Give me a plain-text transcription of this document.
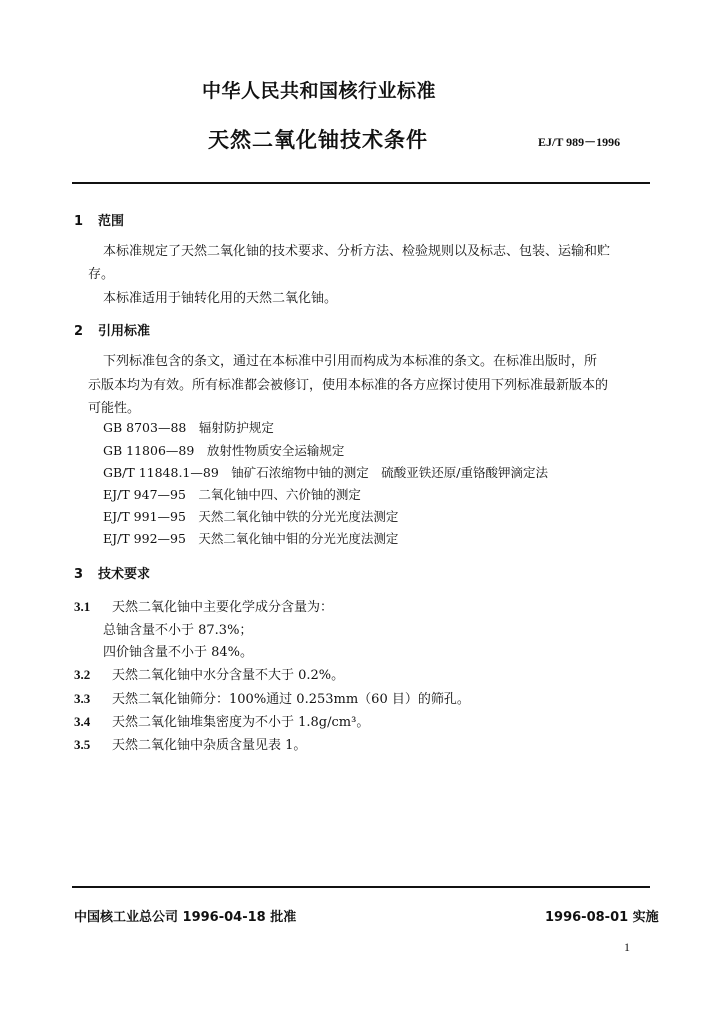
中华人民共和国核行业标准
天然二氧化铀技术条件	EJ/T 989－1996
1 范围
本标准规定了天然二氧化铀的技术要求、分析方法、检验规则以及标志、包装、运输和贮
存。
本标准适用于铀转化用的天然二氧化铀。
2 引用标准
下列标准包含的条文，通过在本标准中引用而构成为本标准的条文。在标准出版时，所
示版本均为有效。所有标准都会被修订，使用本标准的各方应探讨使用下列标准最新版本的
可能性。
GB 8703—88　辐射防护规定
GB 11806—89　放射性物质安全运输规定
GB/T 11848.1—89　铀矿石浓缩物中铀的测定　硫酸亚铁还原/重铬酸钾滴定法
EJ/T 947—95　二氧化铀中四、六价铀的测定
EJ/T 991—95　天然二氧化铀中铁的分光光度法测定
EJ/T 992—95　天然二氧化铀中钼的分光光度法测定
3 技术要求
3.1 天然二氧化铀中主要化学成分含量为：
总铀含量不小于 87.3%；
四价铀含量不小于 84%。
3.2 天然二氧化铀中水分含量不大于 0.2%。
3.3 天然二氧化铀筛分：100%通过 0.253mm（60 目）的筛孔。
3.4 天然二氧化铀堆集密度为不小于 1.8g/cm³。
3.5 天然二氧化铀中杂质含量见表 1。
中国核工业总公司 1996-04-18 批准	1996-08-01 实施
1
